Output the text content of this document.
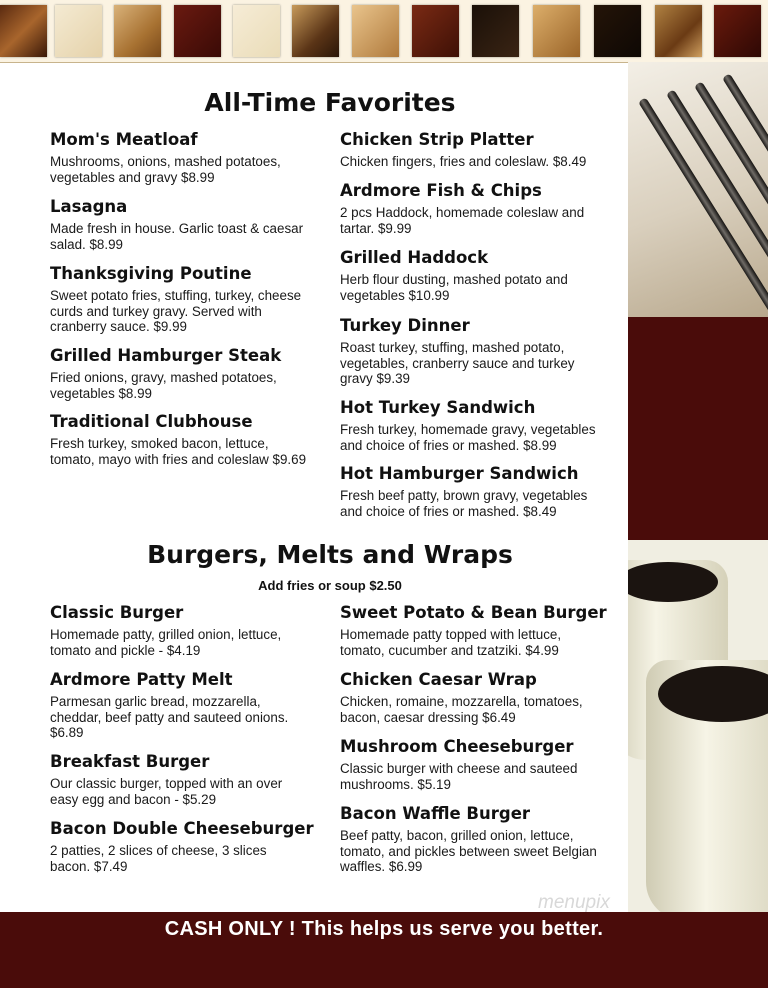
All-Time Favorites
Mom's Meatloaf
Mushrooms, onions, mashed potatoes, vegetables and gravy $8.99
Lasagna
Made fresh in house. Garlic toast & caesar salad. $8.99
Thanksgiving Poutine
Sweet potato fries, stuffing, turkey, cheese curds and turkey gravy. Served with cranberry sauce. $9.99
Grilled Hamburger Steak
Fried onions, gravy, mashed potatoes, vegetables $8.99
Traditional Clubhouse
Fresh turkey, smoked bacon, lettuce, tomato, mayo with fries and coleslaw $9.69
Chicken Strip Platter
Chicken fingers, fries and coleslaw. $8.49
Ardmore Fish & Chips
2 pcs Haddock, homemade coleslaw and tartar. $9.99
Grilled Haddock
Herb flour dusting, mashed potato and vegetables $10.99
Turkey Dinner
Roast turkey, stuffing, mashed potato, vegetables, cranberry sauce and turkey gravy $9.39
Hot Turkey Sandwich
Fresh turkey, homemade gravy, vegetables and choice of fries or mashed. $8.99
Hot Hamburger Sandwich
Fresh beef patty, brown gravy, vegetables and choice of fries or mashed. $8.49
Burgers, Melts and Wraps
Add fries or soup $2.50
Classic Burger
Homemade patty, grilled onion, lettuce, tomato and pickle - $4.19
Ardmore Patty Melt
Parmesan garlic bread, mozzarella, cheddar, beef patty and sauteed onions. $6.89
Breakfast Burger
Our classic burger, topped with an over easy egg and bacon - $5.29
Bacon Double Cheeseburger
2 patties, 2 slices of cheese, 3 slices bacon. $7.49
Sweet Potato & Bean Burger
Homemade patty topped with lettuce, tomato, cucumber and tzatziki. $4.99
Chicken Caesar Wrap
Chicken, romaine, mozzarella, tomatoes, bacon, caesar dressing $6.49
Mushroom Cheeseburger
Classic burger with cheese and sauteed mushrooms. $5.19
Bacon Waffle Burger
Beef patty, bacon, grilled onion, lettuce, tomato, and pickles between sweet Belgian waffles. $6.99
CASH ONLY ! This helps us serve you better.
menupix
